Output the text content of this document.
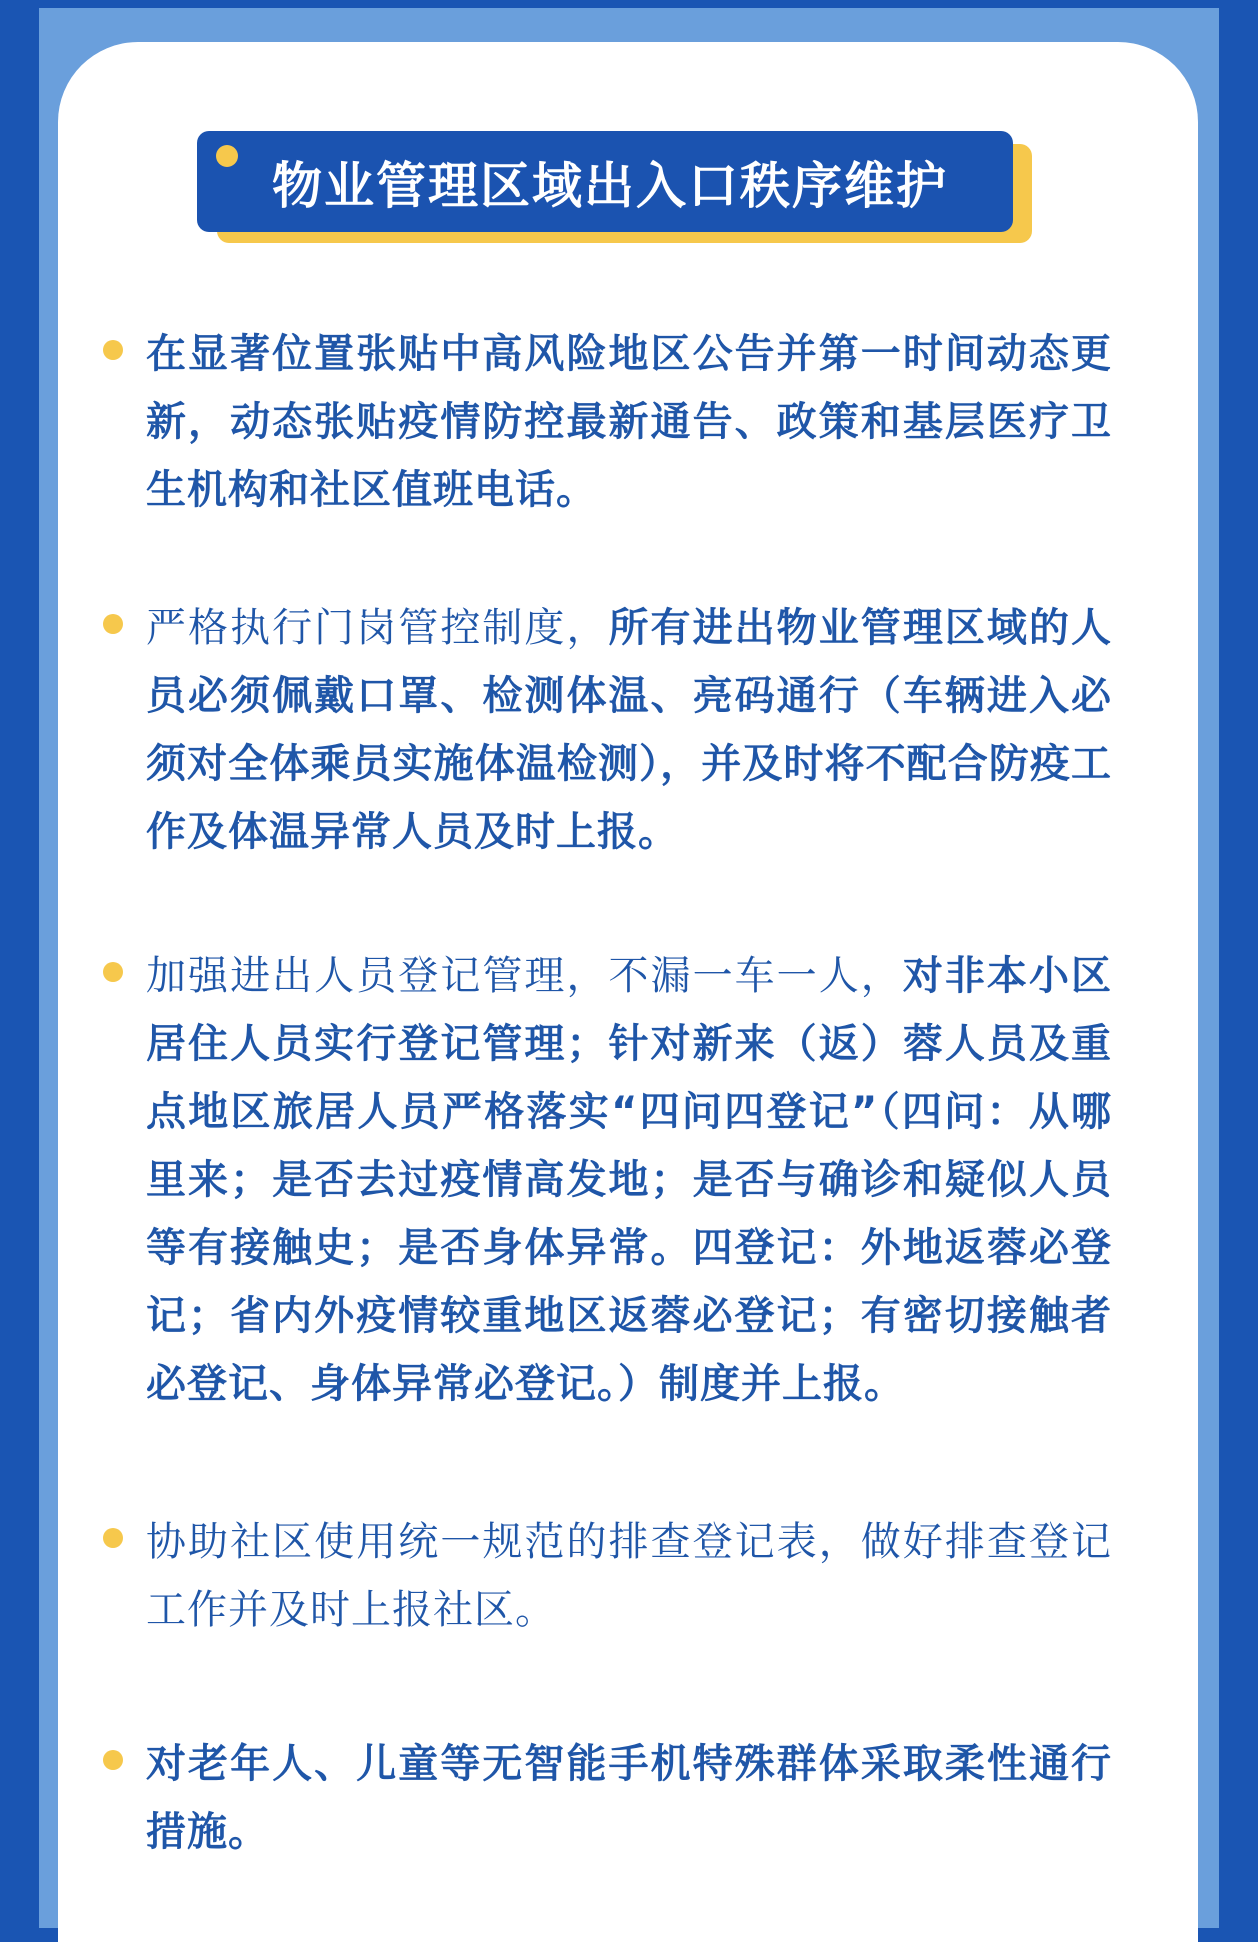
物业管理区域出入口秩序维护

在显著位置张贴中高风险地区公告并第一时间动态更新，动态张贴疫情防控最新通告、政策和基层医疗卫生机构和社区值班电话。

严格执行门岗管控制度，所有进出物业管理区域的人员必须佩戴口罩、检测体温、亮码通行（车辆进入必须对全体乘员实施体温检测），并及时将不配合防疫工作及体温异常人员及时上报。

加强进出人员登记管理，不漏一车一人，对非本小区居住人员实行登记管理；针对新来（返）蓉人员及重点地区旅居人员严格落实“四问四登记”（四问：从哪里来；是否去过疫情高发地；是否与确诊和疑似人员等有接触史；是否身体异常。四登记：外地返蓉必登记；省内外疫情较重地区返蓉必登记；有密切接触者必登记、身体异常必登记。）制度并上报。

协助社区使用统一规范的排查登记表，做好排查登记工作并及时上报社区。

对老年人、儿童等无智能手机特殊群体采取柔性通行措施。
